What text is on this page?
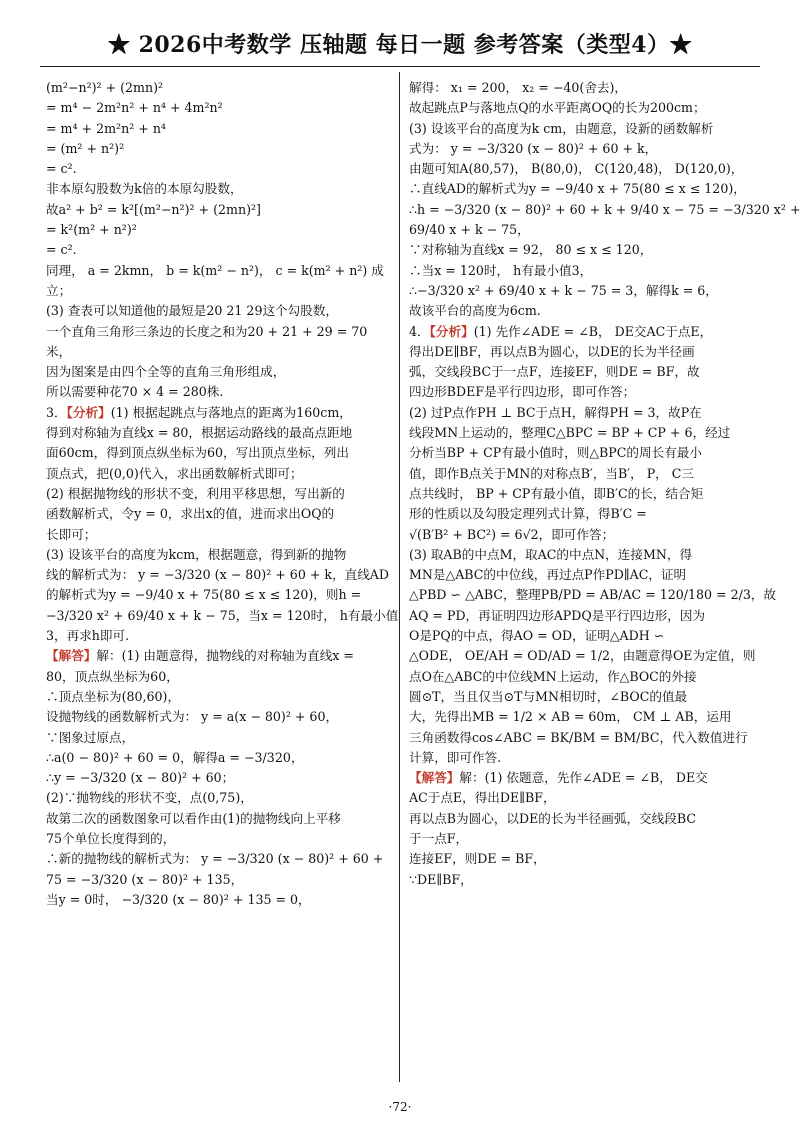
★ 2026中考数学 压轴题 每日一题 参考答案（类型4）★
(m²−n²)² + (2mn)²
= m⁴ − 2m²n² + n⁴ + 4m²n²
= m⁴ + 2m²n² + n⁴
= (m² + n²)²
= c².
非本原勾股数为k倍的本原勾股数，
故a² + b² = k²[(m²−n²)² + (2mn)²]
= k²(m² + n²)²
= c².
同理， a = 2kmn， b = k(m² − n²)， c = k(m² + n²) 成
立；
(3) 查表可以知道他的最短是20 21 29这个勾股数，
一个直角三角形三条边的长度之和为20 + 21 + 29 = 70
米，
因为图案是由四个全等的直角三角形组成，
所以需要种花70 × 4 = 280株.
3．【分析】(1) 根据起跳点与落地点的距离为160cm，
得到对称轴为直线x = 80，根据运动路线的最高点距地
面60cm，得到顶点纵坐标为60，写出顶点坐标，列出
顶点式，把(0,0)代入，求出函数解析式即可；
(2) 根据抛物线的形状不变，利用平移思想，写出新的
函数解析式，令y = 0，求出x的值，进而求出OQ的
长即可；
(3) 设该平台的高度为kcm，根据题意，得到新的抛物
线的解析式为： y = −3/320 (x − 80)² + 60 + k，直线AD
的解析式为y = −9/40 x + 75(80 ≤ x ≤ 120)，则h =
−3/320 x² + 69/40 x + k − 75，当x = 120时， h有最小值
3，再求h即可.
【解答】解：(1) 由题意得，抛物线的对称轴为直线x =
80，顶点纵坐标为60，
∴顶点坐标为(80,60)，
设抛物线的函数解析式为： y = a(x − 80)² + 60，
∵图象过原点，
∴a(0 − 80)² + 60 = 0，解得a = −3/320，
∴y = −3/320 (x − 80)² + 60；
(2)∵抛物线的形状不变，点(0,75)，
故第二次的函数图象可以看作由(1)的抛物线向上平移
75个单位长度得到的，
∴新的抛物线的解析式为： y = −3/320 (x − 80)² + 60 +
75 = −3/320 (x − 80)² + 135，
当y = 0时， −3/320 (x − 80)² + 135 = 0，
解得： x₁ = 200， x₂ = −40(舍去)，
故起跳点P与落地点Q的水平距离OQ的长为200cm；
(3) 设该平台的高度为k cm，由题意，设新的函数解析
式为： y = −3/320 (x − 80)² + 60 + k，
由题可知A(80,57)， B(80,0)， C(120,48)， D(120,0)，
∴直线AD的解析式为y = −9/40 x + 75(80 ≤ x ≤ 120)，
∴h = −3/320 (x − 80)² + 60 + k + 9/40 x − 75 = −3/320 x² +
69/40 x + k − 75，
∵对称轴为直线x = 92， 80 ≤ x ≤ 120，
∴当x = 120时， h有最小值3，
∴−3/320 x² + 69/40 x + k − 75 = 3，解得k = 6，
故该平台的高度为6cm.
4．【分析】(1) 先作∠ADE = ∠B， DE交AC于点E，
得出DE∥BF，再以点B为圆心，以DE的长为半径画
弧，交线段BC于一点F，连接EF，则DE = BF，故
四边形BDEF是平行四边形，即可作答；
(2) 过P点作PH ⊥ BC于点H，解得PH = 3，故P在
线段MN上运动的，整理C△BPC = BP + CP + 6，经过
分析当BP + CP有最小值时，则△BPC的周长有最小
值，即作B点关于MN的对称点B′，当B′， P， C三
点共线时， BP + CP有最小值，即B′C的长，结合矩
形的性质以及勾股定理列式计算，得B′C =
√(B′B² + BC²) = 6√2，即可作答；
(3) 取AB的中点M，取AC的中点N，连接MN，得
MN是△ABC的中位线，再过点P作PD∥AC，证明
△PBD ∽ △ABC，整理PB/PD = AB/AC = 120/180 = 2/3，故
AQ = PD，再证明四边形APDQ是平行四边形，因为
O是PQ的中点，得AO = OD，证明△ADH ∽
△ODE， OE/AH = OD/AD = 1/2，由题意得OE为定值，则
点O在△ABC的中位线MN上运动，作△BOC的外接
圆⊙T，当且仅当⊙T与MN相切时，∠BOC的值最
大，先得出MB = 1/2 × AB = 60m， CM ⊥ AB，运用
三角函数得cos∠ABC = BK/BM = BM/BC，代入数值进行
计算，即可作答.
【解答】解：(1) 依题意，先作∠ADE = ∠B， DE交
AC于点E，得出DE∥BF，
再以点B为圆心，以DE的长为半径画弧，交线段BC
于一点F，
连接EF，则DE = BF，
∵DE∥BF，
·72·
